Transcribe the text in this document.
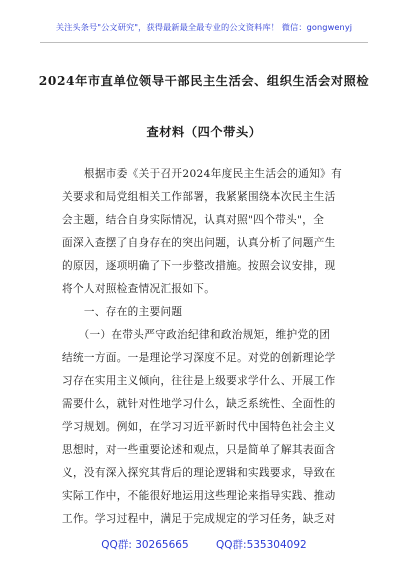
关注头条号"公文研究"，获得最新最全最专业的公文资料库！ 微信：gongwenyj
2024年市直单位领导干部民主生活会、组织生活会对照检
查材料（四个带头）
　　根据市委《关于召开2024年度民主生活会的通知》有
关要求和局党组相关工作部署，我紧紧围绕本次民主生活
会主题，结合自身实际情况，认真对照"四个带头"，全
面深入查摆了自身存在的突出问题，认真分析了问题产生
的原因，逐项明确了下一步整改措施。按照会议安排，现
将个人对照检查情况汇报如下。
　　一、存在的主要问题
　　（一）在带头严守政治纪律和政治规矩，维护党的团
结统一方面。一是理论学习深度不足。对党的创新理论学
习存在实用主义倾向，往往是上级要求学什么、开展工作
需要什么，就针对性地学习什么，缺乏系统性、全面性的
学习规划。例如，在学习习近平新时代中国特色社会主义
思想时，对一些重要论述和观点，只是简单了解其表面含
义，没有深入探究其背后的理论逻辑和实践要求，导致在
实际工作中，不能很好地运用这些理论来指导实践、推动
工作。学习过程中，满足于完成规定的学习任务，缺乏对
QQ群: 30265665	QQ群:535304092
